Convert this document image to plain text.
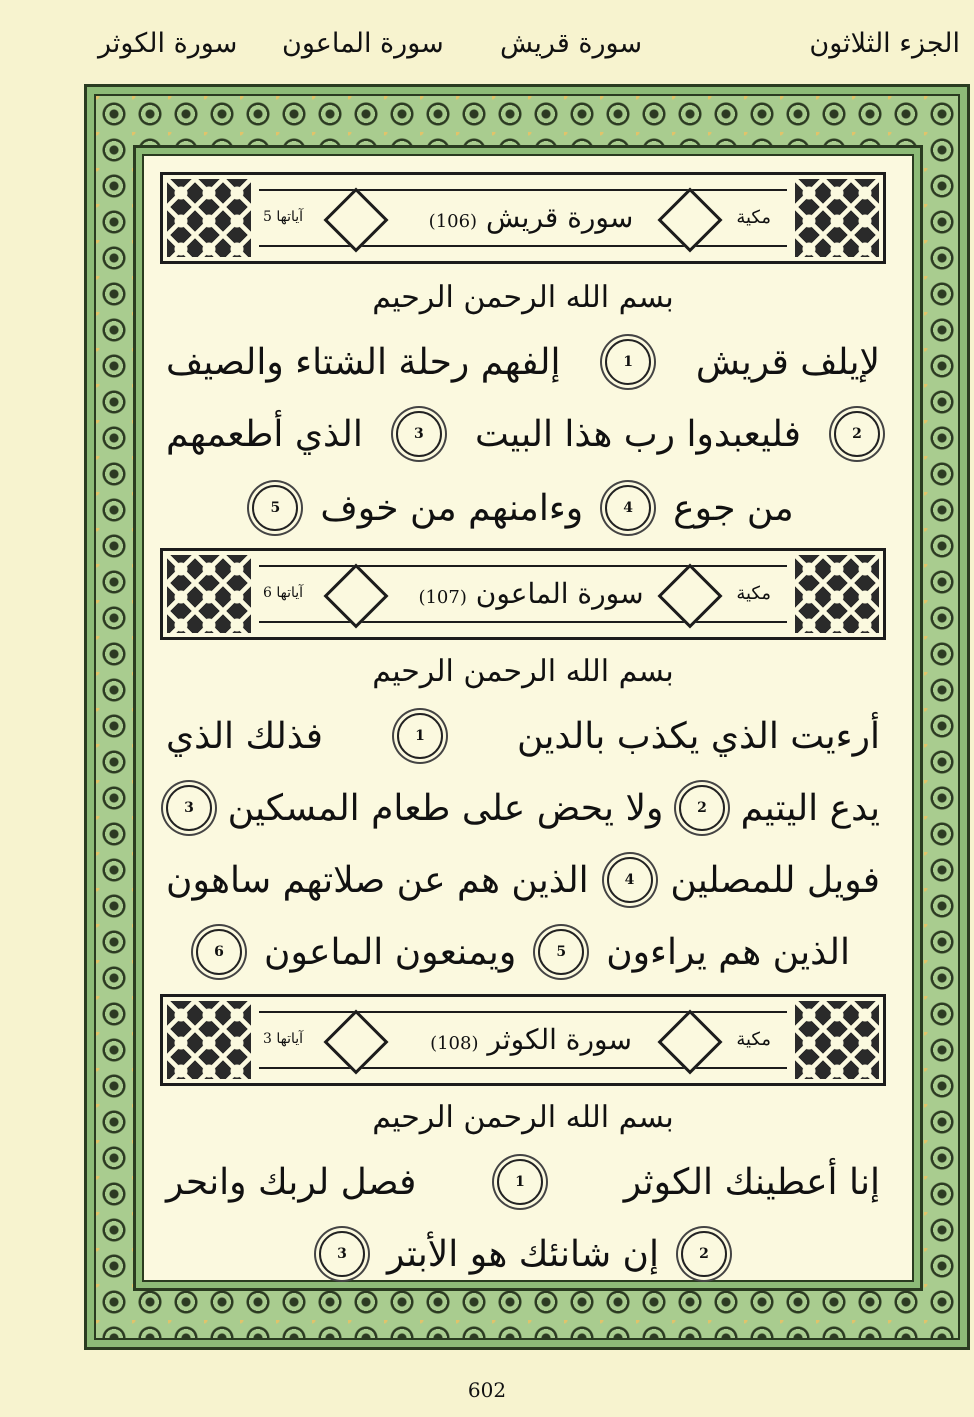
الجزء الثلاثون
سورة قريش
سورة الماعون
سورة الكوثر
سورة قريش (106)	مكية
آياتها 5
بسم الله الرحمن الرحيم
لإيلف قريش
1
إلفهم رحلة الشتاء والصيف
2
فليعبدوا رب هذا البيت
3
الذي أطعمهم
من جوع
4
وءامنهم من خوف
5
سورة الماعون (107)	مكية
آياتها 6
بسم الله الرحمن الرحيم
أرءيت الذي يكذب بالدين
1
فذلك الذي
يدع اليتيم
2
ولا يحض على طعام المسكين
3
فويل للمصلين
4
الذين هم عن صلاتهم ساهون
الذين هم يراءون
5
ويمنعون الماعون
6
سورة الكوثر (108)	مكية
آياتها 3
بسم الله الرحمن الرحيم
إنا أعطينك الكوثر
1
فصل لربك وانحر
2
إن شانئك هو الأبتر
3
602
